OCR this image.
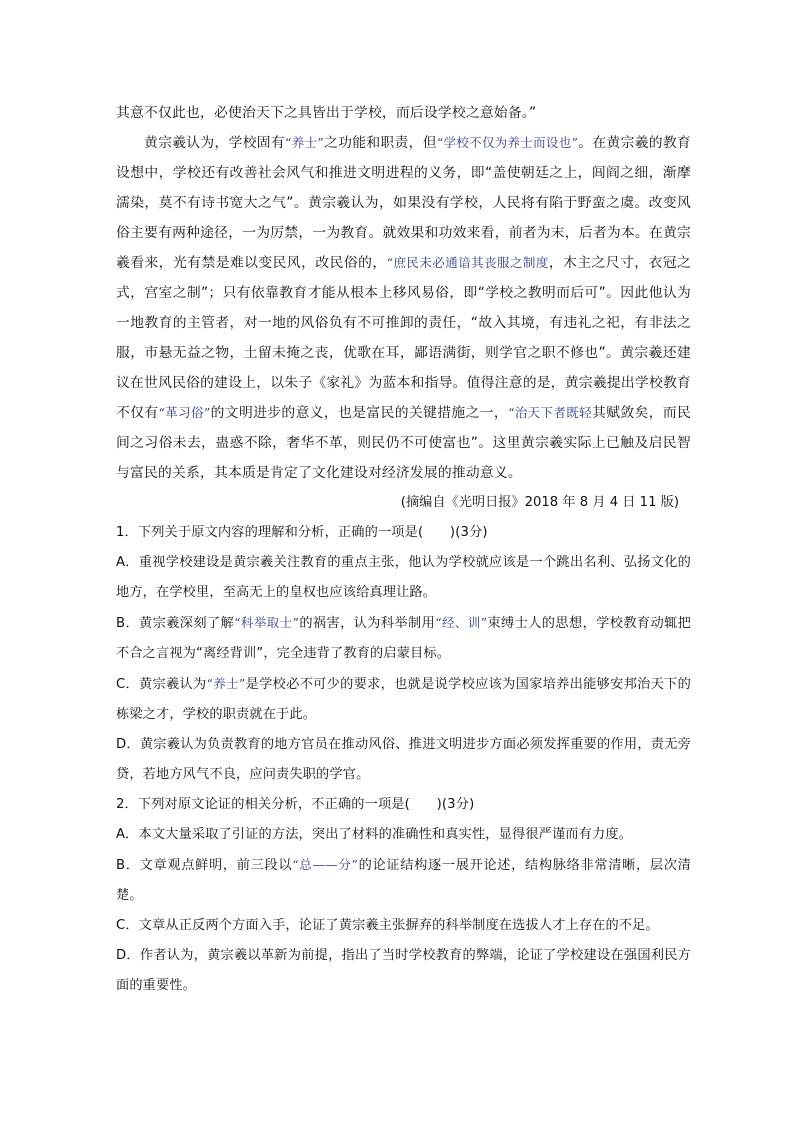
其意不仅此也，必使治天下之具皆出于学校，而后设学校之意始备。”

黄宗羲认为，学校固有“养士”之功能和职责，但“学校不仅为养士而设也”。在黄宗羲的教育设想中，学校还有改善社会风气和推进文明进程的义务，即“盖使朝廷之上，闾阎之细，渐摩濡染，莫不有诗书宽大之气”。黄宗羲认为，如果没有学校，人民将有陷于野蛮之虞。改变风俗主要有两种途径，一为厉禁，一为教育。就效果和功效来看，前者为末，后者为本。在黄宗羲看来，光有禁是难以变民风，改民俗的，“庶民未必通谙其丧服之制度，木主之尺寸，衣冠之式，宫室之制”；只有依靠教育才能从根本上移风易俗，即“学校之教明而后可”。因此他认为一地教育的主管者，对一地的风俗负有不可推卸的责任，“故入其境，有违礼之祀，有非法之服，市悬无益之物，土留未掩之丧，优歌在耳，鄙语满街，则学官之职不修也”。黄宗羲还建议在世风民俗的建设上，以朱子《家礼》为蓝本和指导。值得注意的是，黄宗羲提出学校教育不仅有“革习俗”的文明进步的意义，也是富民的关键措施之一，“治天下者既轻其赋敛矣，而民间之习俗未去，蛊惑不除，奢华不革，则民仍不可使富也”。这里黄宗羲实际上已触及启民智与富民的关系，其本质是肯定了文化建设对经济发展的推动意义。

(摘编自《光明日报》2018 年 8 月 4 日 11 版)

1．下列关于原文内容的理解和分析，正确的一项是(　　)(3分)

A．重视学校建设是黄宗羲关注教育的重点主张，他认为学校就应该是一个跳出名利、弘扬文化的地方，在学校里，至高无上的皇权也应该给真理让路。

B．黄宗羲深刻了解“科举取士”的祸害，认为科举制用“经、训”束缚士人的思想，学校教育动辄把不合之言视为“离经背训”，完全违背了教育的启蒙目标。

C．黄宗羲认为“养士”是学校必不可少的要求，也就是说学校应该为国家培养出能够安邦治天下的栋梁之才，学校的职责就在于此。

D．黄宗羲认为负责教育的地方官员在推动风俗、推进文明进步方面必须发挥重要的作用，责无旁贷，若地方风气不良，应问责失职的学官。

2．下列对原文论证的相关分析，不正确的一项是(　　)(3分)

A．本文大量采取了引证的方法，突出了材料的准确性和真实性，显得很严谨而有力度。

B．文章观点鲜明，前三段以“总——分”的论证结构逐一展开论述，结构脉络非常清晰，层次清楚。

C．文章从正反两个方面入手，论证了黄宗羲主张摒弃的科举制度在选拔人才上存在的不足。

D．作者认为，黄宗羲以革新为前提，指出了当时学校教育的弊端，论证了学校建设在强国利民方面的重要性。
